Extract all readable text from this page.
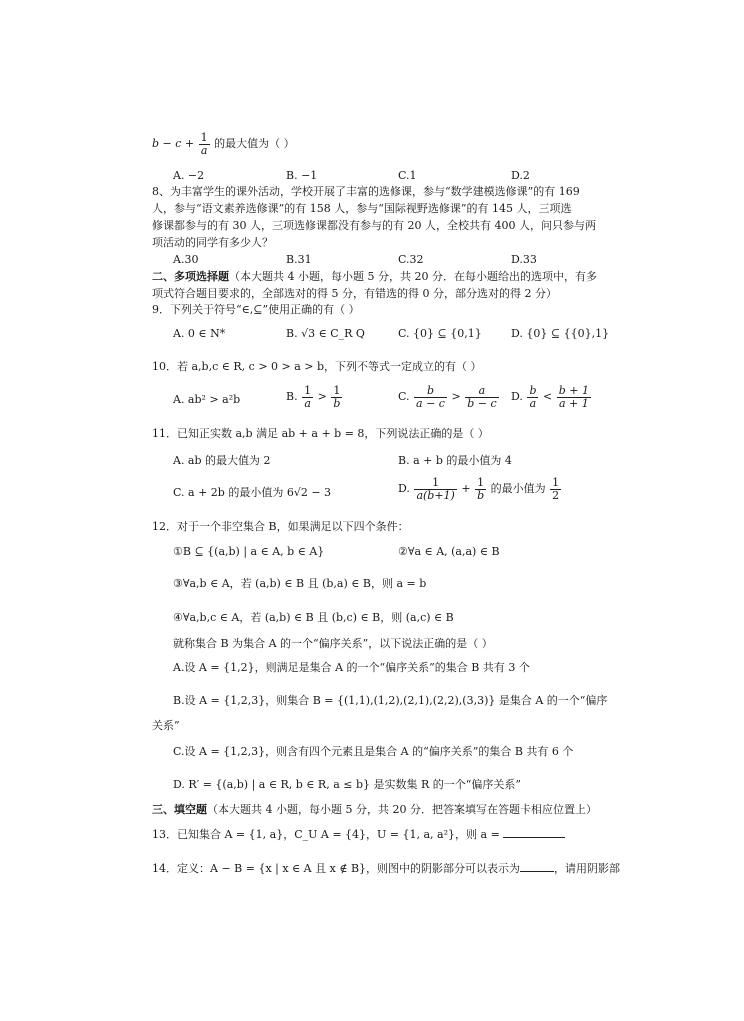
$b - c + \frac{1}{a}$ 的最大值为（ ）
A. −2	B. −1	C.1	D.2
8、为丰富学生的课外活动，学校开展了丰富的选修课，参与“数学建模选修课”的有 169
人，参与“语文素养选修课”的有 158 人，参与“国际视野选修课”的有 145 人，三项选
修课都参与的有 30 人，三项选修课都没有参与的有 20 人，全校共有 400 人，问只参与两
项活动的同学有多少人？
A.30	B.31	C.32	D.33
二、多项选择题（本大题共 4 小题，每小题 5 分，共 20 分．在每小题给出的选项中，有多
项式符合题目要求的，全部选对的得 5 分，有错选的得 0 分，部分选对的得 2 分）
9．下列关于符号“∈,⊆”使用正确的有（ ）
A. 0 ∈ N*	B. √3 ∈ C_R Q	C. {0} ⊆ {0,1}	D. {0} ⊆ {{0},1}
10．若 a,b,c ∈ R, c > 0 > a > b，下列不等式一定成立的有（ ）
A. ab² > a²b	B. $\frac{1}{a} > \frac{1}{b}$	C. $\frac{b}{a - c} > \frac{a}{b - c} D$. $\frac{b}{a} < \frac{b + 1}{a + 1}$
11．已知正实数 a,b 满足 ab + a + b = 8，下列说法正确的是（ ）
A. ab 的最大值为 2	B. a + b 的最小值为 4
C. a + 2b 的最小值为 6√2 − 3	D. $\frac{1}{a(b+1)} + \frac{1}{b}$ 的最小值为 $\frac{1}{2}$
12．对于一个非空集合 B，如果满足以下四个条件：
①B ⊆ {(a,b) | a ∈ A, b ∈ A}	②∀a ∈ A, (a,a) ∈ B
③∀a,b ∈ A，若 (a,b) ∈ B 且 (b,a) ∈ B，则 a = b
④∀a,b,c ∈ A，若 (a,b) ∈ B 且 (b,c) ∈ B，则 (a,c) ∈ B
就称集合 B 为集合 A 的一个“偏序关系”，以下说法正确的是（ ）
A.设 A = {1,2}，则满足是集合 A 的一个“偏序关系”的集合 B 共有 3 个
B.设 A = {1,2,3}，则集合 B = {(1,1),(1,2),(2,1),(2,2),(3,3)} 是集合 A 的一个“偏序
关系”
C.设 A = {1,2,3}，则含有四个元素且是集合 A 的“偏序关系”的集合 B 共有 6 个
D. R′ = {(a,b) | a ∈ R, b ∈ R, a ≤ b} 是实数集 R 的一个“偏序关系”
三、填空题（本大题共 4 小题，每小题 5 分，共 20 分．把答案填写在答题卡相应位置上）
13．已知集合 A = {1, a}，C_U A = {4}，U = {1, a, a²}，则 a =
14．定义：A − B = {x | x ∈ A 且 x ∉ B}，则图中的阴影部分可以表示为	，请用阴影部
